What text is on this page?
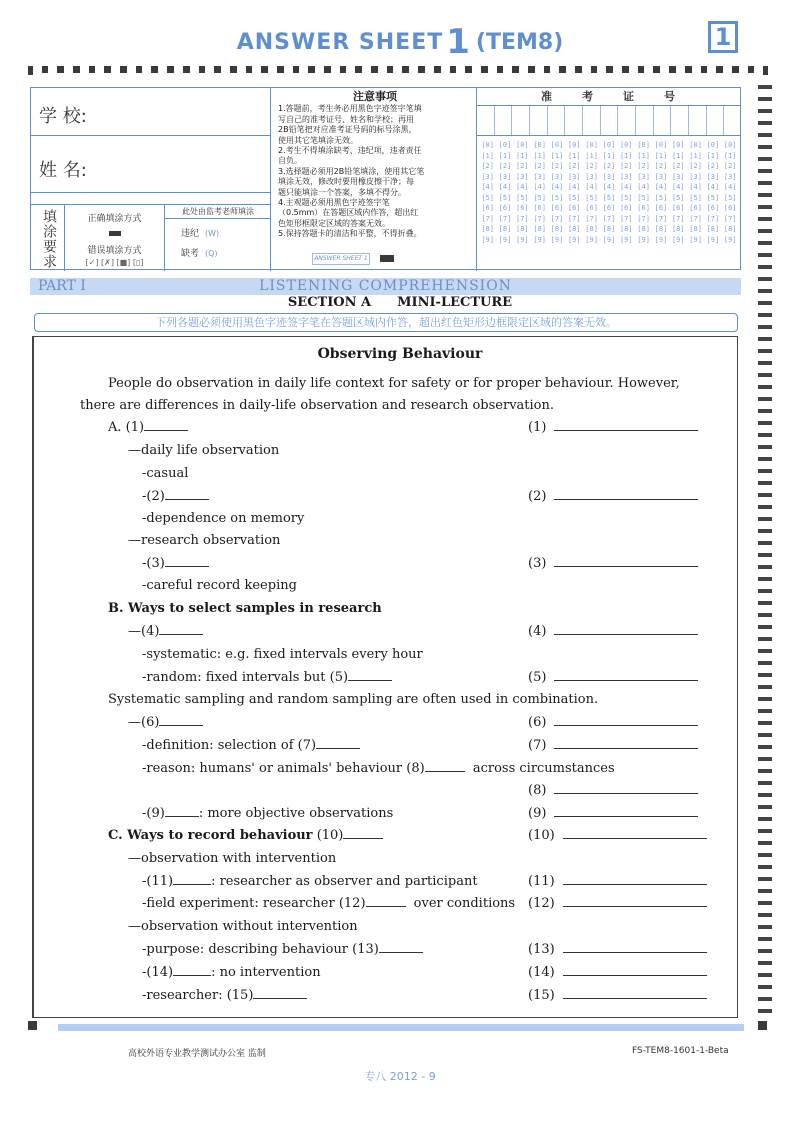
ANSWER SHEET1 (TEM8)	1
学 校:
姓 名:
填涂要求	正确填涂方式
错误填涂方式
[✓] [✗] [■] [▯]
此处由监考老师填涂
违纪 (W)
缺考 (Q)
注意事项
1.答题前，考生务必用黑色字迹签字笔填
写自己的准考证号、姓名和学校；再用
2B铅笔把对应准考证号码的标号涂黑，
使用其它笔填涂无效。
2.考生不得填涂缺考、违纪项，违者责任
自负。
3.选择题必须用2B铅笔填涂，使用其它笔
填涂无效，修改时要用橡皮擦干净；每
题只能填涂一个答案，多填不得分。
4.主观题必须用黑色字迹签字笔
（0.5mm）在答题区域内作答，超出红
色矩形框限定区域的答案无效。
5.保持答题卡的清洁和平整，不得折叠。
ANSWER SHEET 1
准考证号
[0]
[1]
[2]
[3]
[4]
[5]
[6]
[7]
[8]
[9]
[0]
[1]
[2]
[3]
[4]
[5]
[6]
[7]
[8]
[9]
[0]
[1]
[2]
[3]
[4]
[5]
[6]
[7]
[8]
[9]
[0]
[1]
[2]
[3]
[4]
[5]
[6]
[7]
[8]
[9]
[0]
[1]
[2]
[3]
[4]
[5]
[6]
[7]
[8]
[9]
[0]
[1]
[2]
[3]
[4]
[5]
[6]
[7]
[8]
[9]
[0]
[1]
[2]
[3]
[4]
[5]
[6]
[7]
[8]
[9]
[0]
[1]
[2]
[3]
[4]
[5]
[6]
[7]
[8]
[9]
[0]
[1]
[2]
[3]
[4]
[5]
[6]
[7]
[8]
[9]
[0]
[1]
[2]
[3]
[4]
[5]
[6]
[7]
[8]
[9]
[0]
[1]
[2]
[3]
[4]
[5]
[6]
[7]
[8]
[9]
[0]
[1]
[2]
[3]
[4]
[5]
[6]
[7]
[8]
[9]
[0]
[1]
[2]
[3]
[4]
[5]
[6]
[7]
[8]
[9]
[0]
[1]
[2]
[3]
[4]
[5]
[6]
[7]
[8]
[9]
[0]
[1]
[2]
[3]
[4]
[5]
[6]
[7]
[8]
[9]
PART I	LISTENING COMPREHENSION
SECTION A MINI-LECTURE
下列各题必须使用黑色字迹签字笔在答题区域内作答，超出红色矩形边框限定区域的答案无效。
Observing Behaviour
People do observation in daily life context for safety or for proper behaviour. However,
there are differences in daily-life observation and research observation.
A. (1)
—daily life observation
-casual
-(2)
-dependence on memory
—research observation
-(3)
-careful record keeping
B. Ways to select samples in research
—(4)
-systematic: e.g. fixed intervals every hour
-random: fixed intervals but (5)
Systematic sampling and random sampling are often used in combination.
—(6)
-definition: selection of (7)
-reason: humans' or animals' behaviour (8)	across circumstances
-(9)	: more objective observations
C. Ways to record behaviour (10)
—observation with intervention
-(11)	: researcher as observer and participant
-field experiment: researcher (12)	over conditions
—observation without intervention
-purpose: describing behaviour (13)
-(14)	: no intervention
-researcher: (15)
(1)
(2)
(3)
(4)
(5)
(6)
(7)
(8)
(9)
(10)
(11)
(12)
(13)
(14)
(15)
高校外语专业教学测试办公室 监制	FS-TEM8-1601-1-Beta
专八 2012 - 9
